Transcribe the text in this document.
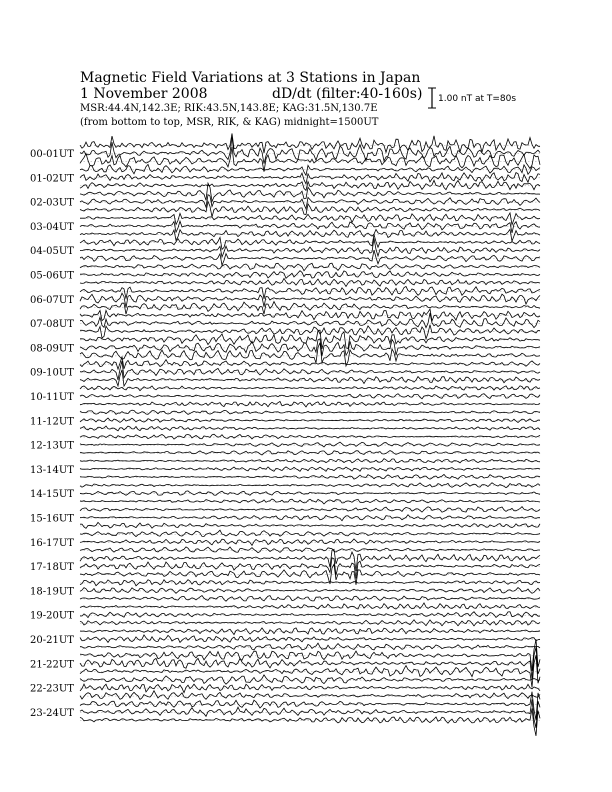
Magnetic Field Variations at 3 Stations in Japan
1 November 2008	dD/dt (filter:40-160s)
MSR:44.4N,142.3E; RIK:43.5N,143.8E; KAG:31.5N,130.7E
(from bottom to top, MSR, RIK, & KAG) midnight=1500UT
1.00 nT at T=80s
00-01UT
01-02UT
02-03UT
03-04UT
04-05UT
05-06UT
06-07UT
07-08UT
08-09UT
09-10UT
10-11UT
11-12UT
12-13UT
13-14UT
14-15UT
15-16UT
16-17UT
17-18UT
18-19UT
19-20UT
20-21UT
21-22UT
22-23UT
23-24UT
